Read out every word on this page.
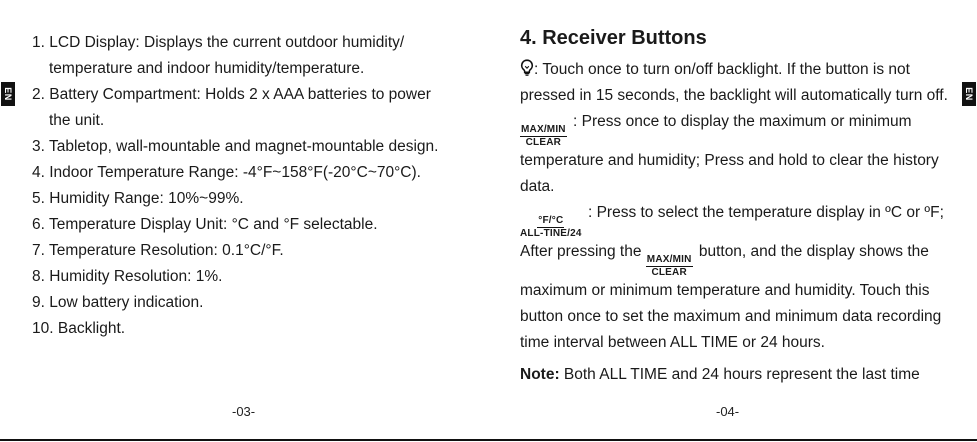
EN
1. LCD Display: Displays the current outdoor humidity/
temperature and indoor humidity/temperature.
2. Battery Compartment: Holds 2 x AAA batteries to power
the unit.
3. Tabletop, wall-mountable and magnet-mountable design.
4. Indoor Temperature Range: -4°F~158°F(-20°C~70°C).
5. Humidity Range: 10%~99%.
6. Temperature Display Unit: °C and °F selectable.
7. Temperature Resolution: 0.1°C/°F.
8. Humidity Resolution: 1%.
9. Low battery indication.
10. Backlight.
-03-
4. Receiver Buttons

: Touch once to turn on/off backlight. If the button is not pressed in 15 seconds, the backlight will automatically turn off.

$\frac{\text{MAX/MIN}}{\text{CLEAR}}$
: Press once to display the maximum or minimum temperature and humidity; Press and hold to clear the history data.

$\frac{^\circ F/^\circ C}{\text{ALL-TINE/24}}$
: Press to select the temperature display in ºC or ºF; After pressing the
$\frac{\text{MAX/MIN}}{\text{CLEAR}}$
button, and the display shows the maximum or minimum temperature and humidity. Touch this button once to set the maximum and minimum data recording time interval between ALL TIME or 24 hours.

Note: Both ALL TIME and 24 hours represent the last time

EN
-04-
